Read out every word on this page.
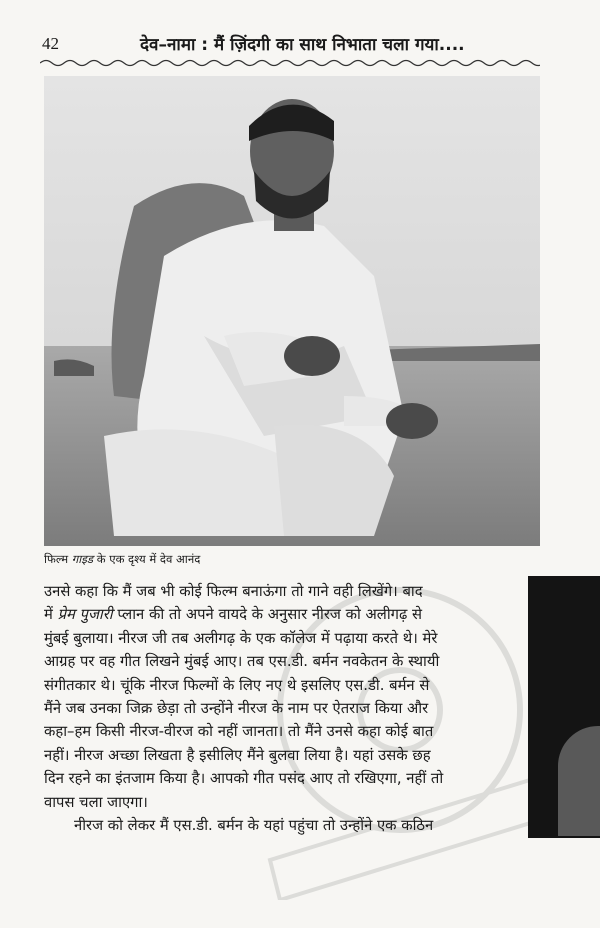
42	देव–नामा : मैं ज़िंदगी का साथ निभाता चला गया....
फिल्म गाइड के एक दृश्य में देव आनंद

उनसे कहा कि मैं जब भी कोई फिल्म बनाऊंगा तो गाने वही लिखेंगे। बाद
में प्रेम पुजारी प्लान की तो अपने वायदे के अनुसार नीरज को अलीगढ़ से
मुंबई बुलाया। नीरज जी तब अलीगढ़ के एक कॉलेज में पढ़ाया करते थे। मेरे
आग्रह पर वह गीत लिखने मुंबई आए। तब एस.डी. बर्मन नवकेतन के स्थायी
संगीतकार थे। चूंकि नीरज फिल्मों के लिए नए थे इसलिए एस.डी. बर्मन से
मैंने जब उनका जिक्र छेड़ा तो उन्होंने नीरज के नाम पर ऐतराज किया और
कहा–हम किसी नीरज-वीरज को नहीं जानता। तो मैंने उनसे कहा कोई बात
नहीं। नीरज अच्छा लिखता है इसीलिए मैंने बुलवा लिया है। यहां उसके छह
दिन रहने का इंतजाम किया है। आपको गीत पसंद आए तो रखिएगा, नहीं तो
वापस चला जाएगा।

नीरज को लेकर मैं एस.डी. बर्मन के यहां पहुंचा तो उन्होंने एक कठिन
